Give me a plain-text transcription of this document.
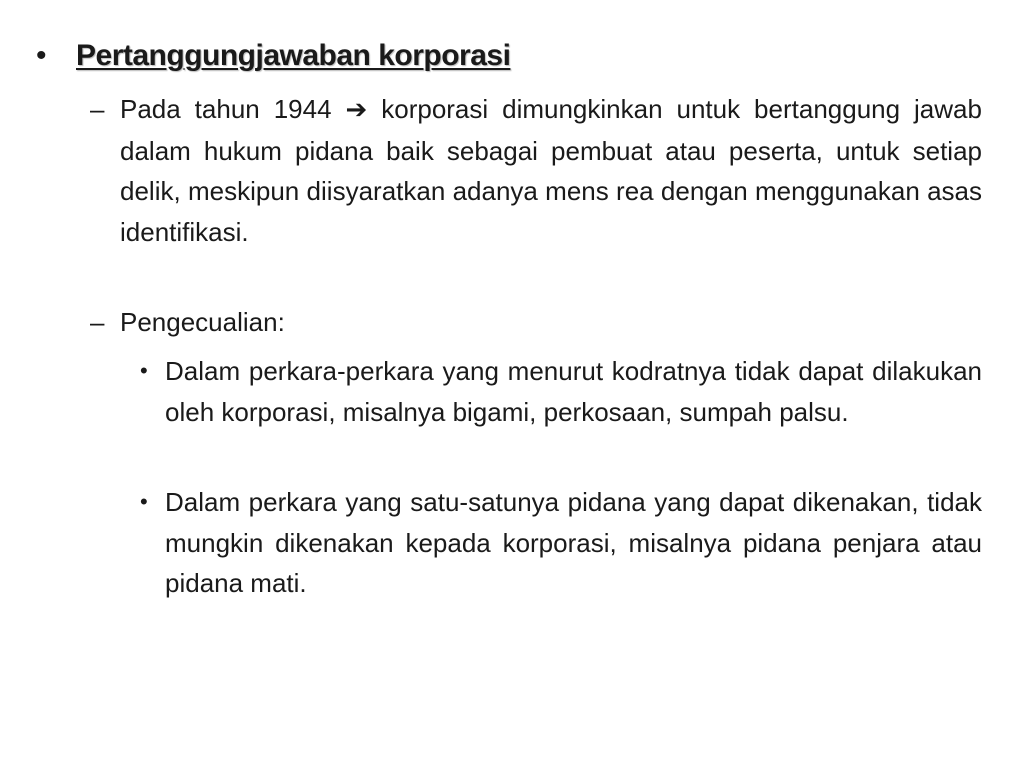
• Pertanggungjawaban korporasi
– Pada tahun 1944 ➔ korporasi dimungkinkan untuk bertanggung jawab dalam hukum pidana baik sebagai pembuat atau peserta, untuk setiap delik, meskipun diisyaratkan adanya mens rea dengan menggunakan asas identifikasi.
– Pengecualian:
• Dalam perkara-perkara yang menurut kodratnya tidak dapat dilakukan oleh korporasi, misalnya bigami, perkosaan, sumpah palsu.
• Dalam perkara yang satu-satunya pidana yang dapat dikenakan, tidak mungkin dikenakan kepada korporasi, misalnya pidana penjara atau pidana mati.
